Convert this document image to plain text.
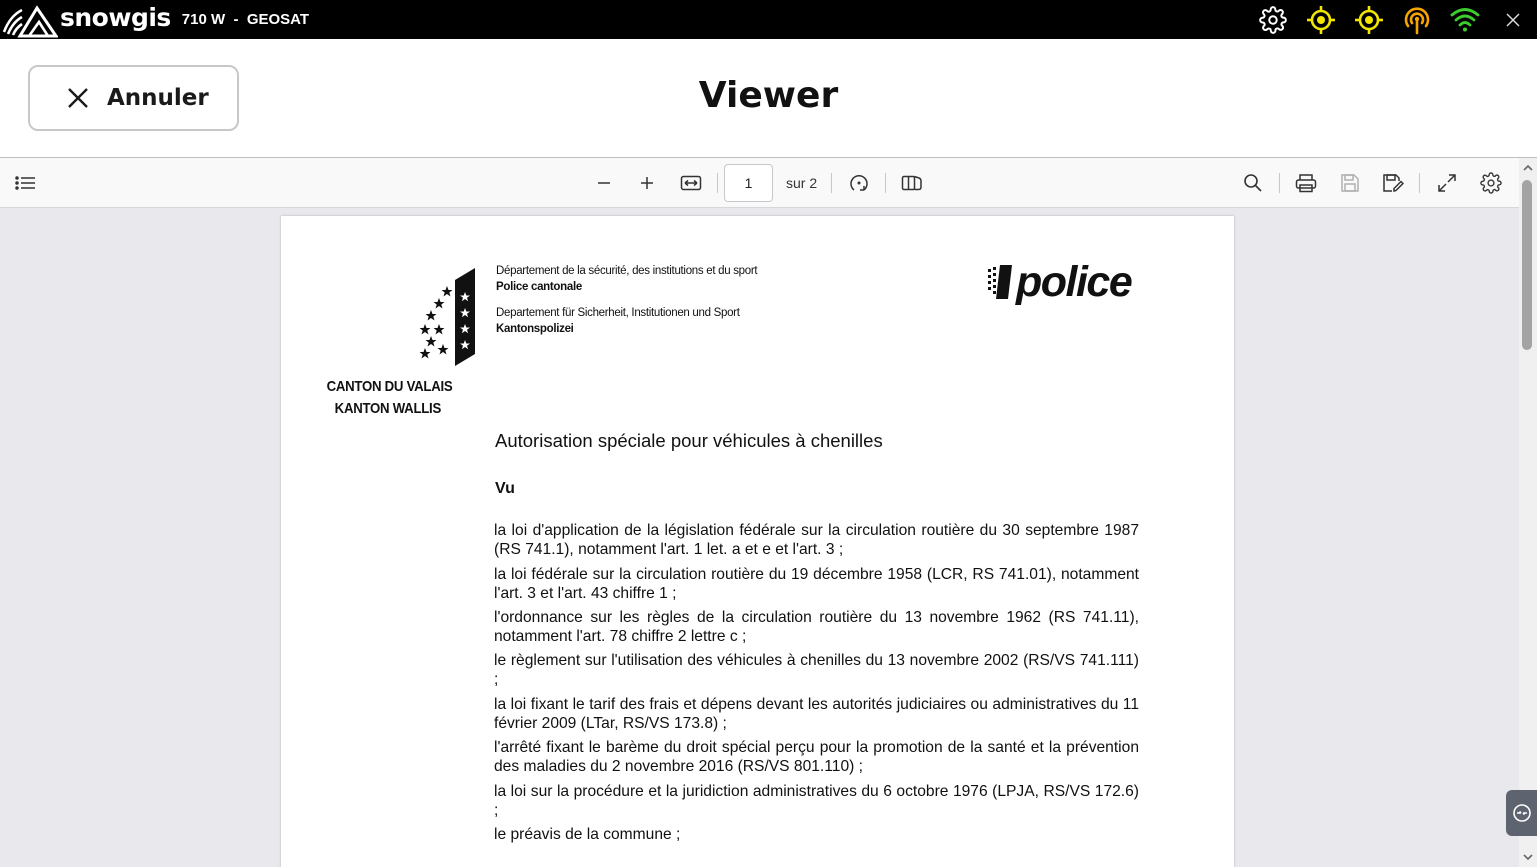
snowgis 710 W  -  GEOSAT
Annuler	Viewer
sur 2
1
CANTON DU VALAIS
KANTON WALLIS
Département de la sécurité, des institutions et du sport
Police cantonale
Departement für Sicherheit, Institutionen und Sport
Kantonspolizei
police
Autorisation spéciale pour véhicules à chenilles
Vu
la loi d'application de la législation fédérale sur la circulation routière du 30 septembre 1987 (RS 741.1), notamment l'art. 1 let. a et e et l'art. 3 ;
la loi fédérale sur la circulation routière du 19 décembre 1958 (LCR, RS 741.01), notamment l'art. 3 et l'art. 43 chiffre 1 ;
l'ordonnance sur les règles de la circulation routière du 13 novembre 1962 (RS 741.11), notamment l'art. 78 chiffre 2 lettre c ;
le règlement sur l'utilisation des véhicules à chenilles du 13 novembre 2002 (RS/VS 741.111) ;
la loi fixant le tarif des frais et dépens devant les autorités judiciaires ou administratives du 11 février 2009 (LTar, RS/VS 173.8) ;
l'arrêté fixant le barème du droit spécial perçu pour la promotion de la santé et la prévention des maladies du 2 novembre 2016 (RS/VS 801.110) ;
la loi sur la procédure et la juridiction administratives du 6 octobre 1976 (LPJA, RS/VS 172.6) ;
le préavis de la commune ;
